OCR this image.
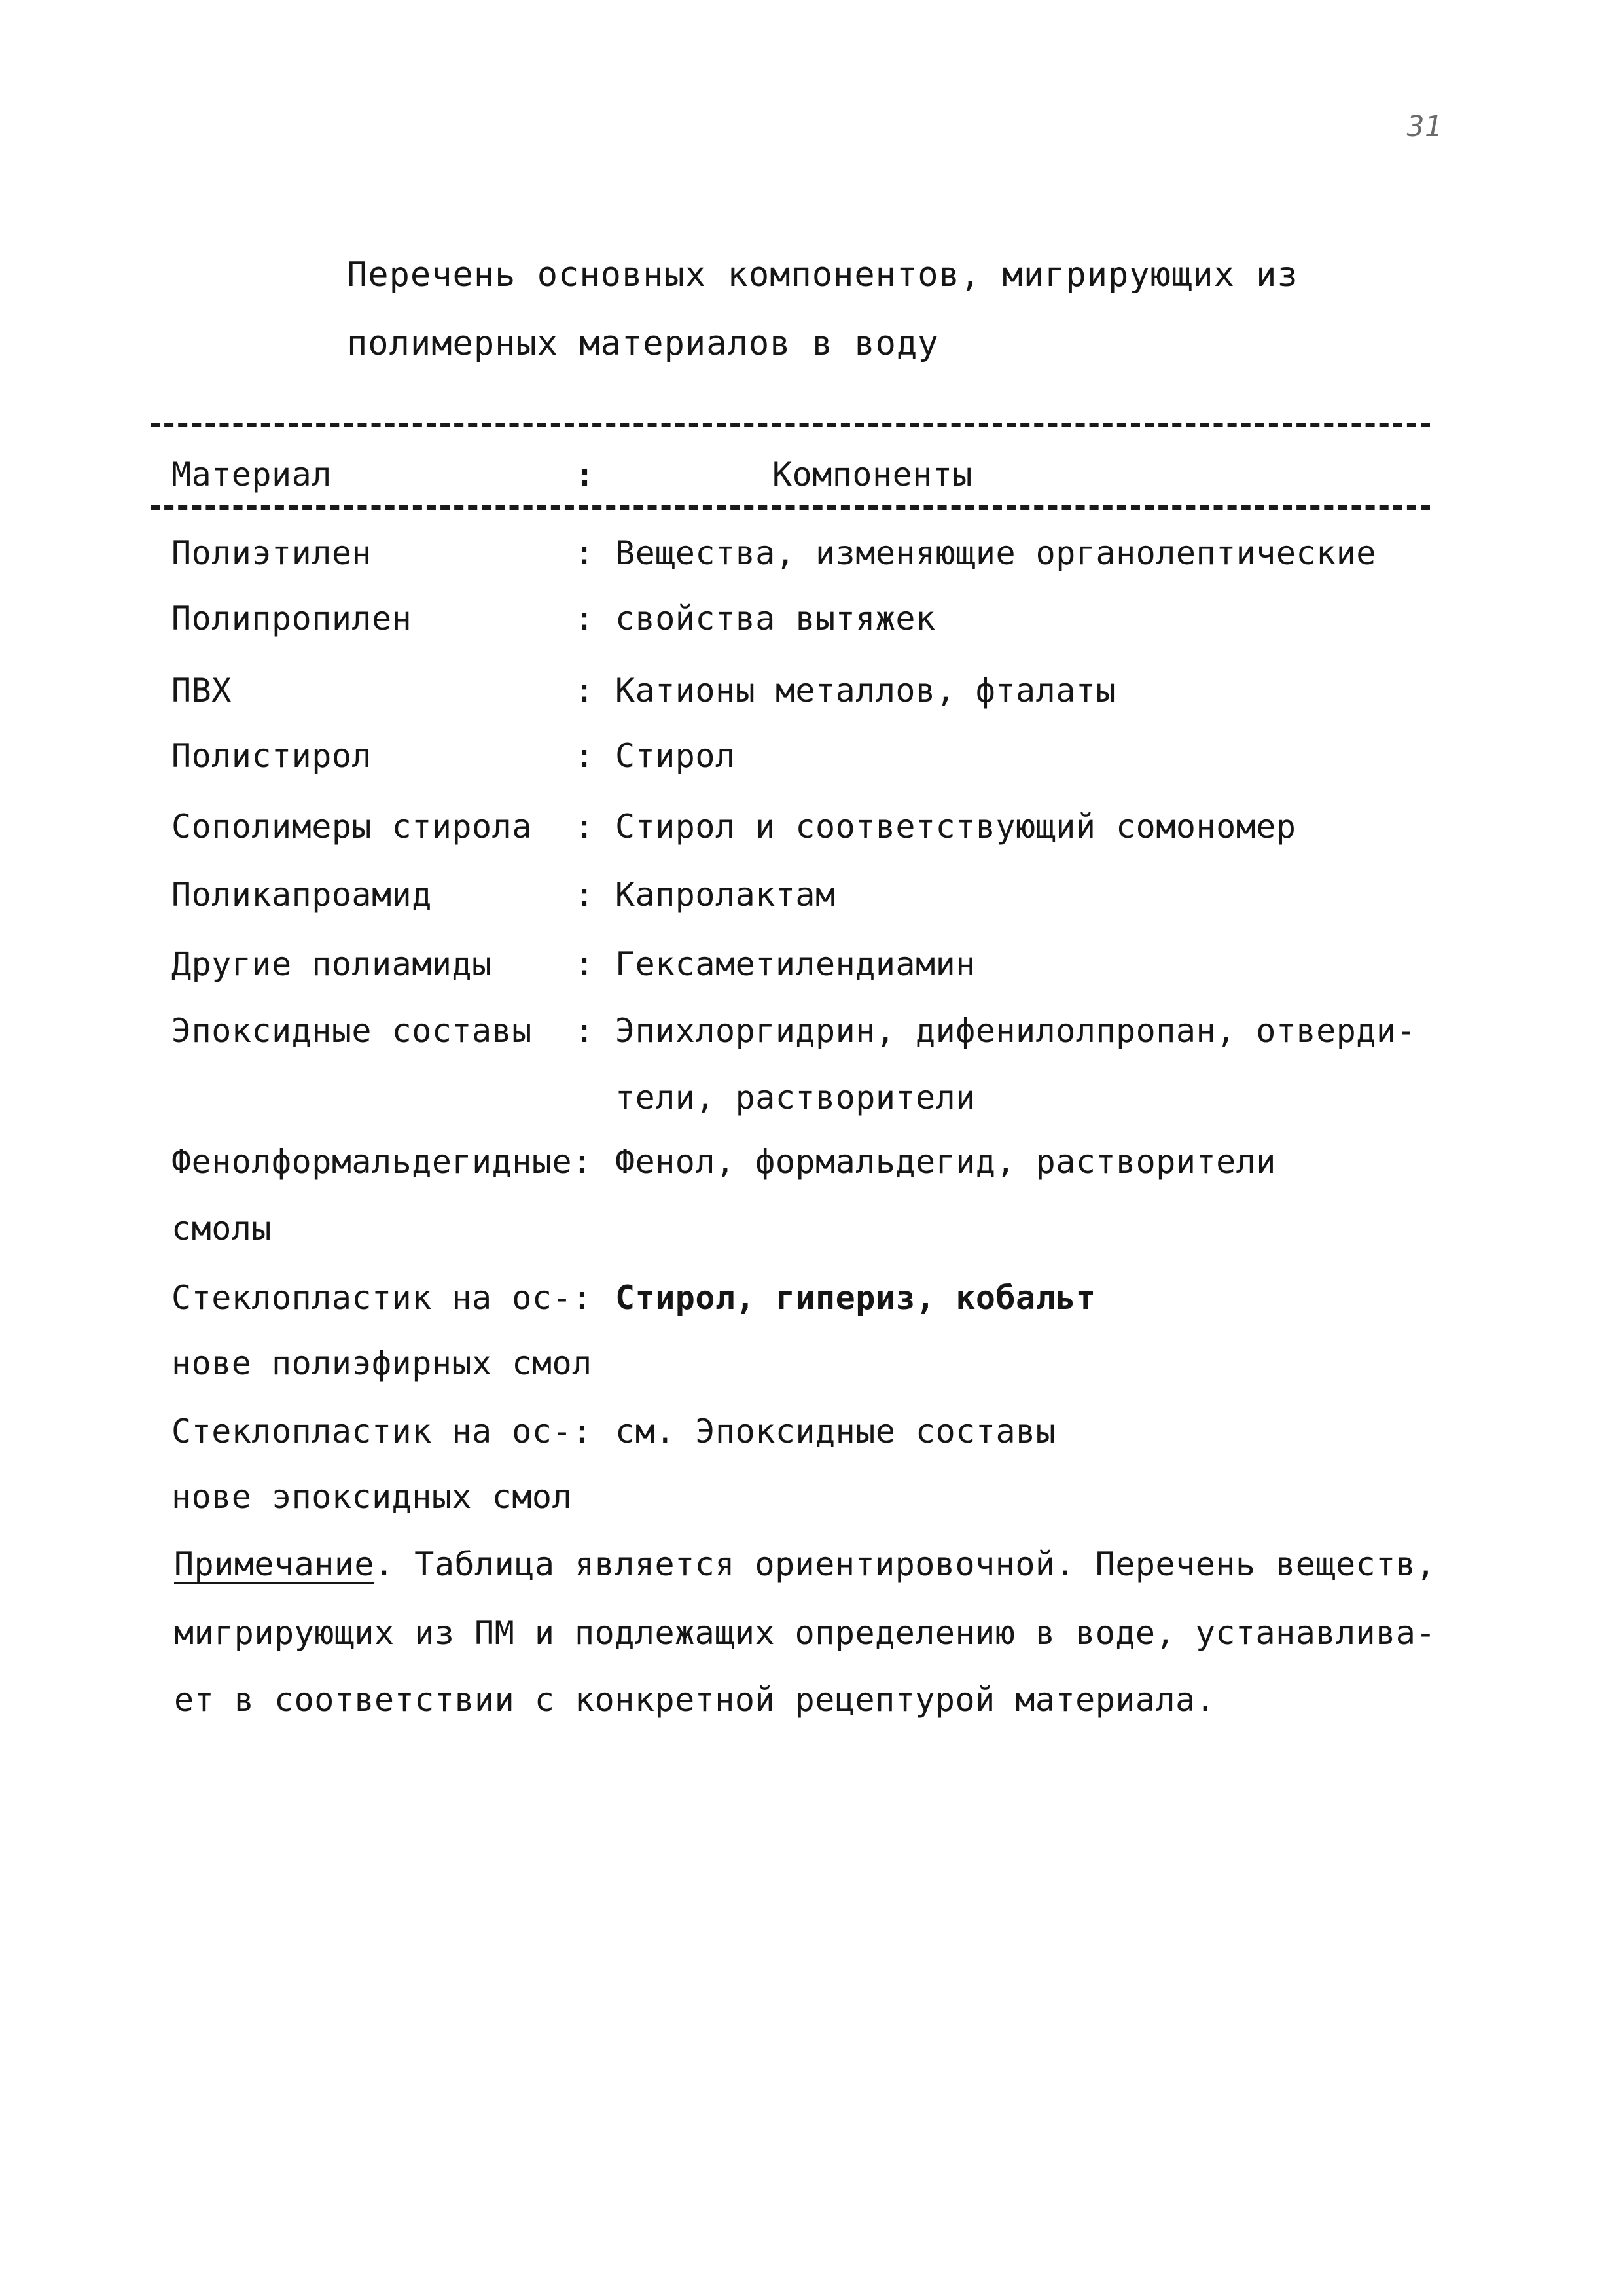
31
Перечень основных компонентов, мигрирующих из
полимерных материалов в воду
Материал	:	Компоненты
Полиэтилен	: Вещества, изменяющие органолептические
Полипропилен	: свойства вытяжек
ПВХ	: Катионы металлов, фталаты
Полистирол	: Стирол
Сополимеры стирола : Стирол и соответствующий сомономер
Поликапроамид	: Капролактам
Другие полиамиды	: Гексаметилендиамин
Эпоксидные составы : Эпихлоргидрин, дифенилолпропан, отверди-
тели, растворители
Фенолформальдегидные: Фенол, формальдегид, растворители
смолы
Стеклопластик на ос-: Стирол, гипериз, кобальт
нове полиэфирных смол
Стеклопластик на ос-: см. Эпоксидные составы
нове эпоксидных смол
Примечание. Таблица является ориентировочной. Перечень веществ,
мигрирующих из ПМ и подлежащих определению в воде, устанавлива-
ет в соответствии с конкретной рецептурой материала.
